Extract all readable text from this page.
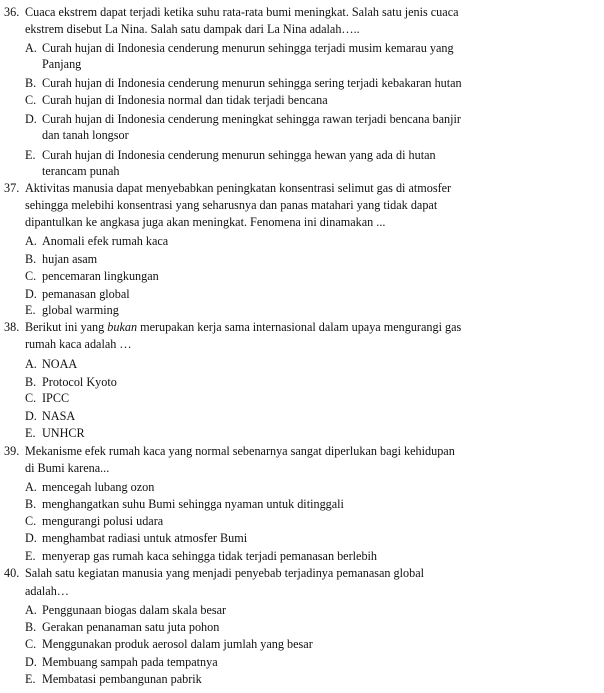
36. Cuaca ekstrem dapat terjadi ketika suhu rata-rata bumi meningkat. Salah satu jenis cuaca
ekstrem disebut La Nina. Salah satu dampak dari La Nina adalah…..
A. Curah hujan di Indonesia cenderung menurun sehingga terjadi musim kemarau yang
Panjang
B. Curah hujan di Indonesia cenderung menurun sehingga sering terjadi kebakaran hutan
C. Curah hujan di Indonesia normal dan tidak terjadi bencana
D. Curah hujan di Indonesia cenderung meningkat sehingga rawan terjadi bencana banjir
dan tanah longsor
E. Curah hujan di Indonesia cenderung menurun sehingga hewan yang ada di hutan
terancam punah
37. Aktivitas manusia dapat menyebabkan peningkatan konsentrasi selimut gas di atmosfer
sehingga melebihi konsentrasi yang seharusnya dan panas matahari yang tidak dapat
dipantulkan ke angkasa juga akan meningkat. Fenomena ini dinamakan ...
A. Anomali efek rumah kaca
B. hujan asam
C. pencemaran lingkungan
D. pemanasan global
E. global warming
38. Berikut ini yang bukan merupakan kerja sama internasional dalam upaya mengurangi gas
rumah kaca adalah …
A. NOAA
B. Protocol Kyoto
C. IPCC
D. NASA
E. UNHCR
39. Mekanisme efek rumah kaca yang normal sebenarnya sangat diperlukan bagi kehidupan
di Bumi karena...
A. mencegah lubang ozon
B. menghangatkan suhu Bumi sehingga nyaman untuk ditinggali
C. mengurangi polusi udara
D. menghambat radiasi untuk atmosfer Bumi
E. menyerap gas rumah kaca sehingga tidak terjadi pemanasan berlebih
40. Salah satu kegiatan manusia yang menjadi penyebab terjadinya pemanasan global
adalah…
A. Penggunaan biogas dalam skala besar
B. Gerakan penanaman satu juta pohon
C. Menggunakan produk aerosol dalam jumlah yang besar
D. Membuang sampah pada tempatnya
E. Membatasi pembangunan pabrik
